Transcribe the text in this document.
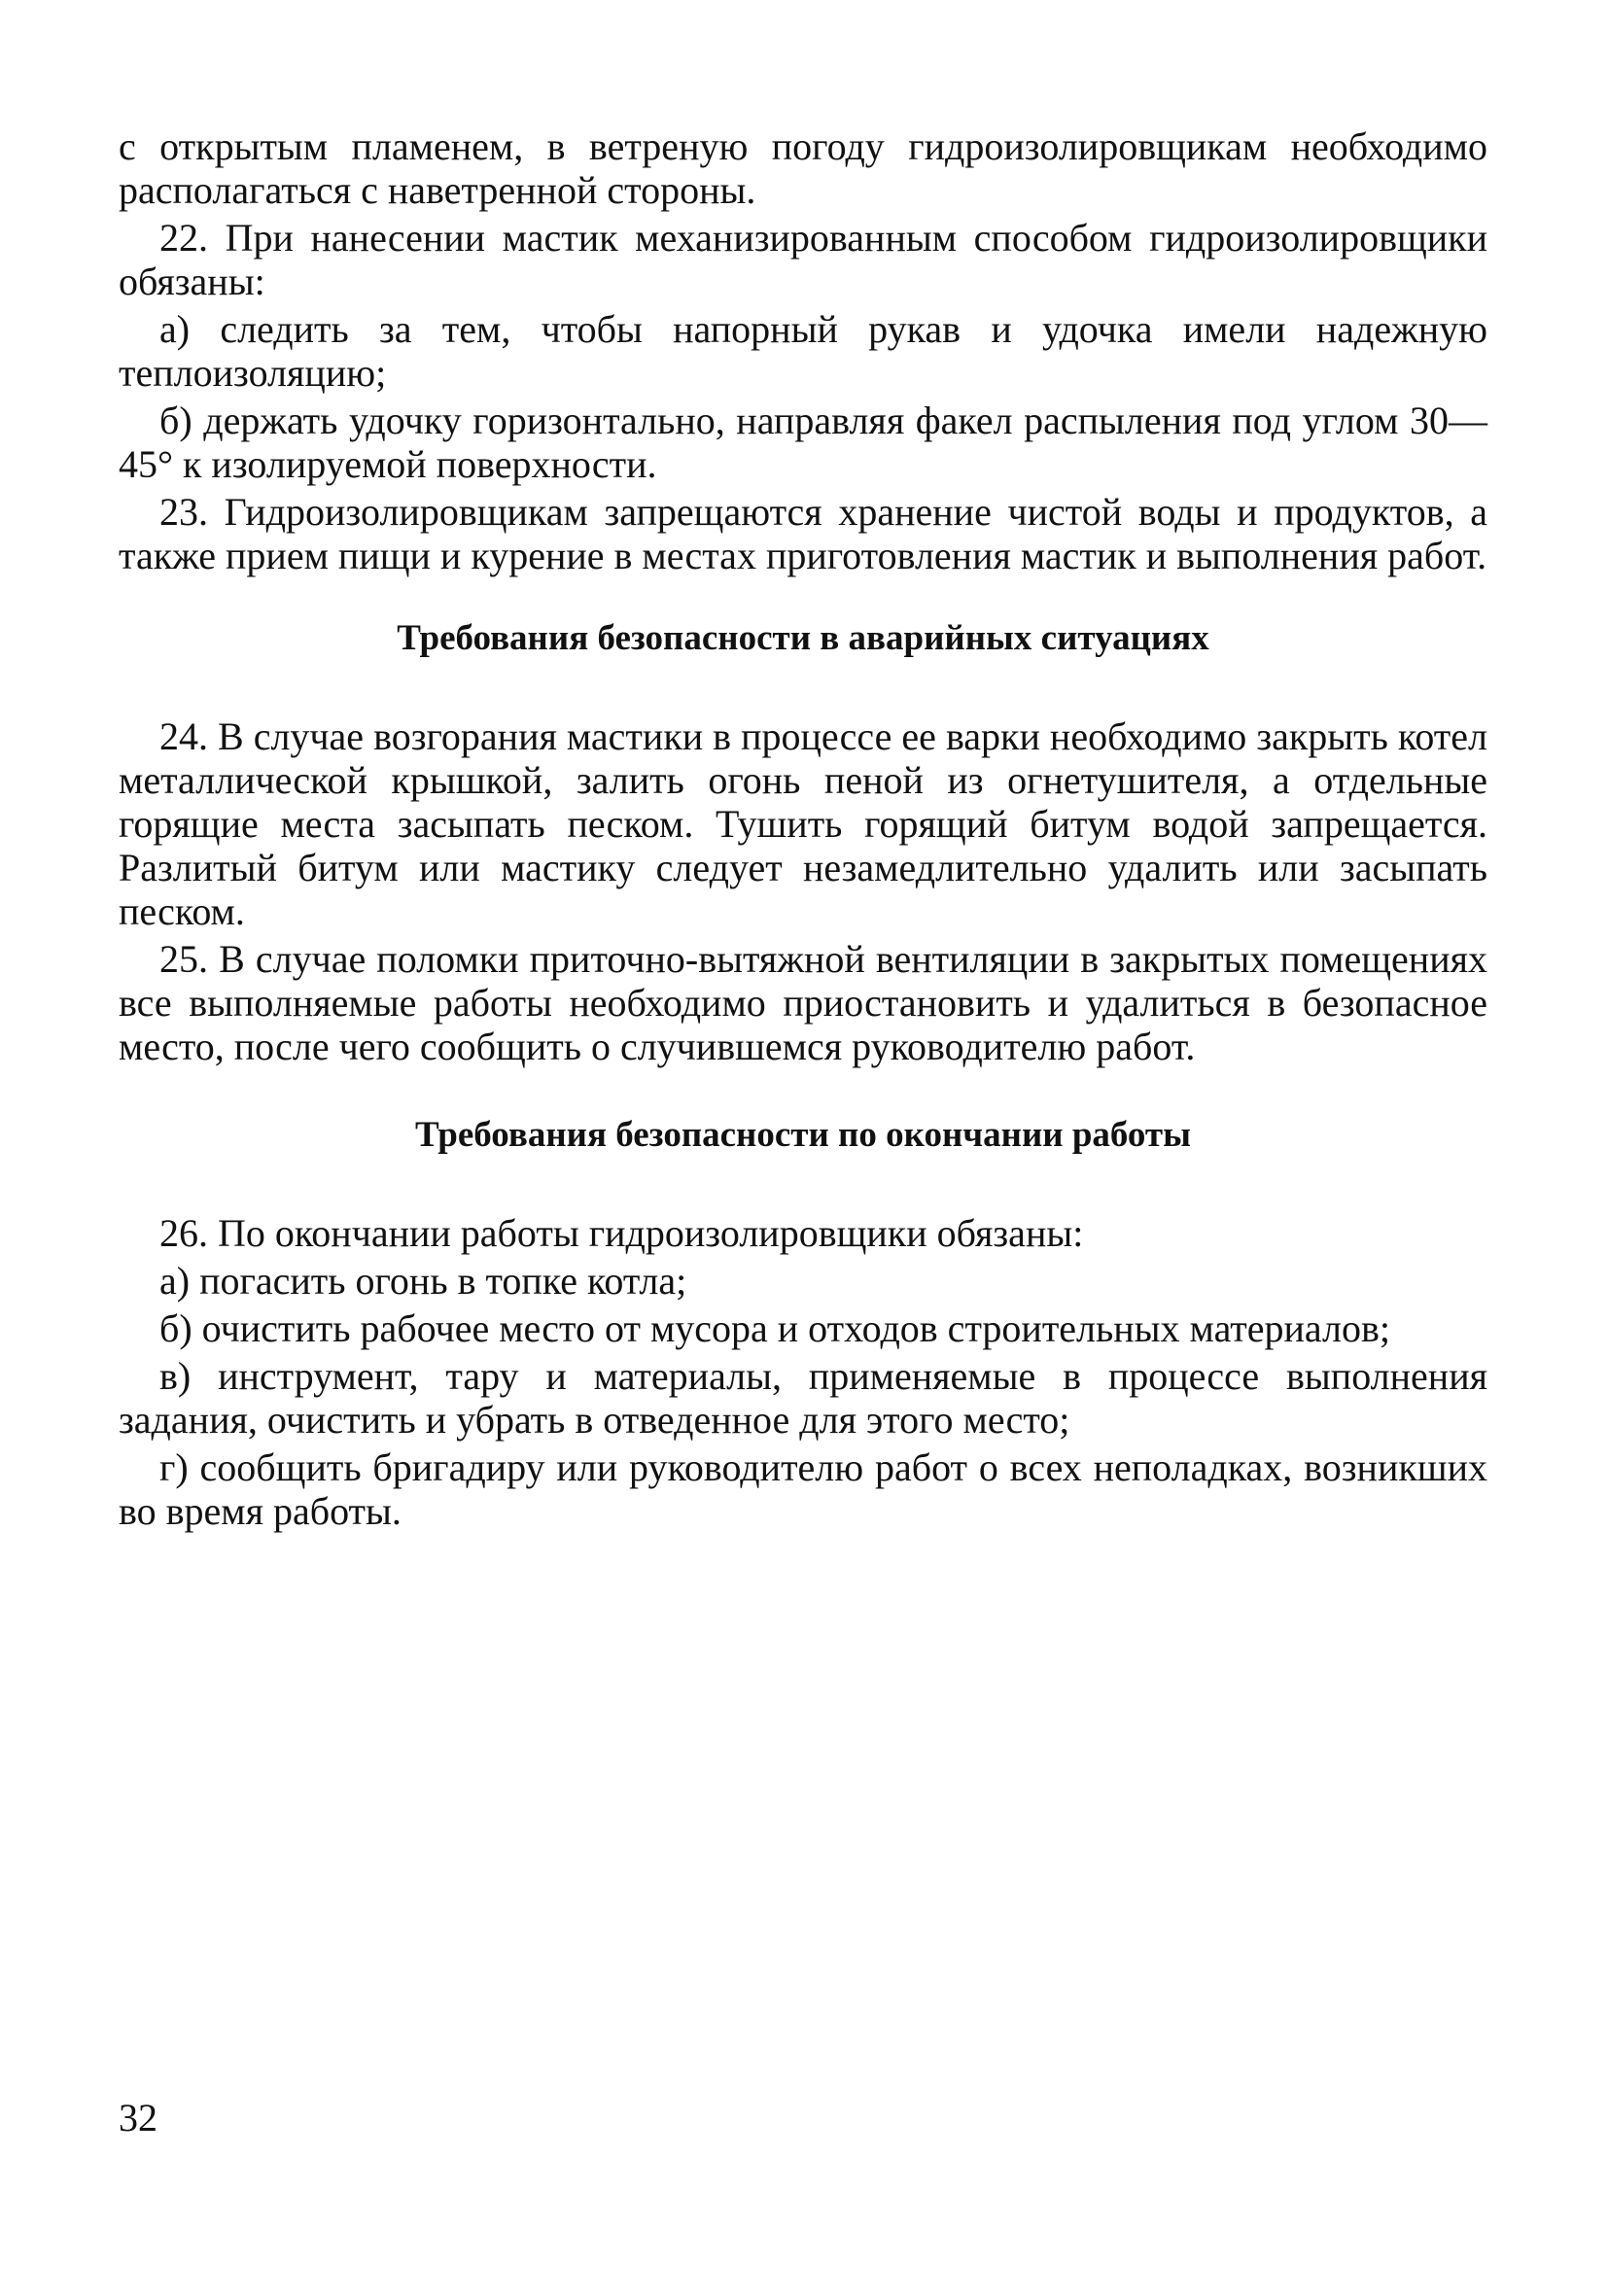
с открытым пламенем, в ветреную погоду гидроизолировщикам необходимо располагаться с наветренной стороны.

22. При нанесении мастик механизированным способом гидроизолировщики обязаны:

а) следить за тем, чтобы напорный рукав и удочка имели надежную теплоизоляцию;

б) держать удочку горизонтально, направляя факел распыления под углом 30—45° к изолируемой поверхности.

23. Гидроизолировщикам запрещаются хранение чистой воды и продуктов, а также прием пищи и курение в местах приготовления мастик и выполнения работ.

Требования безопасности в аварийных ситуациях

24. В случае возгорания мастики в процессе ее варки необходимо закрыть котел металлической крышкой, залить огонь пеной из огнетушителя, а отдельные горящие места засыпать песком. Тушить горящий битум водой запрещается. Разлитый битум или мастику следует незамедлительно удалить или засыпать песком.

25. В случае поломки приточно-вытяжной вентиляции в закрытых помещениях все выполняемые работы необходимо приостановить и удалиться в безопасное место, после чего сообщить о случившемся руководителю работ.

Требования безопасности по окончании работы

26. По окончании работы гидроизолировщики обязаны:

а) погасить огонь в топке котла;

б) очистить рабочее место от мусора и отходов строительных материалов;

в) инструмент, тару и материалы, применяемые в процессе выполнения задания, очистить и убрать в отведенное для этого место;

г) сообщить бригадиру или руководителю работ о всех неполадках, возникших во время работы.

32
